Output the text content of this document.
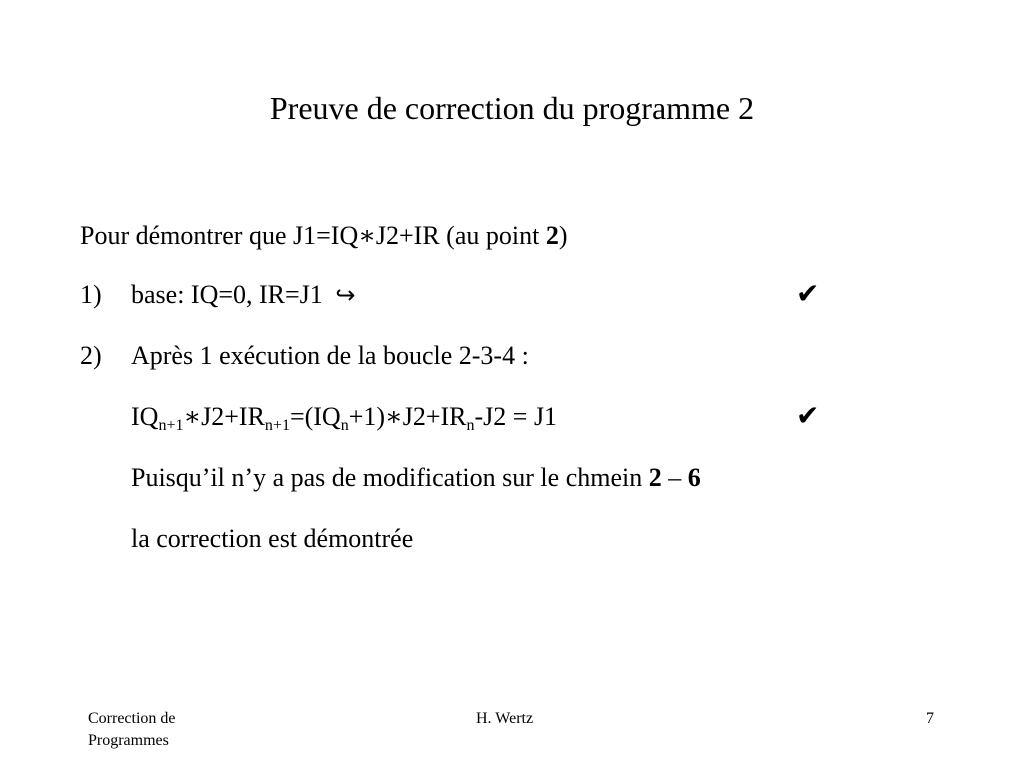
Preuve de correction du programme 2
Pour démontrer que J1=IQ∗J2+IR (au point 2)
1) base: IQ=0, IR=J1 ↪	✔
2) Après 1 exécution de la boucle 2-3-4 :
$IQ_{n+1}∗J2+IR_{n+1}=(IQ_n+1)∗J2+IR_n-J2 = J1$	✔
Puisqu’il n’y a pas de modification sur le chmein 2 – 6
la correction est démontrée
Correction de
Programmes
H. Wertz	7
